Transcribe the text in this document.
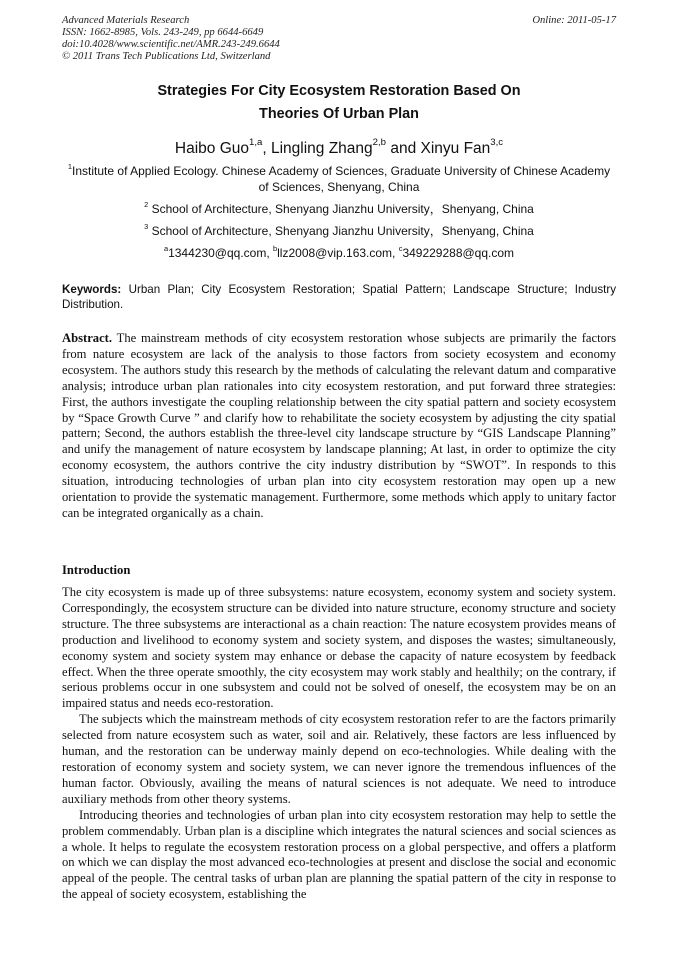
Advanced Materials Research
ISSN: 1662-8985, Vols. 243-249, pp 6644-6649
doi:10.4028/www.scientific.net/AMR.243-249.6644
© 2011 Trans Tech Publications Ltd, Switzerland
Online: 2011-05-17
Strategies For City Ecosystem Restoration Based On
Theories Of Urban Plan
Haibo Guo$^{1,a}$, Lingling Zhang$^{2,b}$ and Xinyu Fan$^{3,c}$
$^1$Institute of Applied Ecology. Chinese Academy of Sciences, Graduate University of Chinese Academy of Sciences, Shenyang, China
$^2$ School of Architecture, Shenyang Jianzhu University，Shenyang, China
$^3$ School of Architecture, Shenyang Jianzhu University，Shenyang, China
$^a$1344230@qq.com, $^b$llz2008@vip.163.com, $^c$349229288@qq.com
Keywords: Urban Plan; City Ecosystem Restoration; Spatial Pattern; Landscape Structure; Industry Distribution.
Abstract. The mainstream methods of city ecosystem restoration whose subjects are primarily the factors from nature ecosystem are lack of the analysis to those factors from society ecosystem and economy ecosystem. The authors study this research by the methods of calculating the relevant datum and comparative analysis; introduce urban plan rationales into city ecosystem restoration, and put forward three strategies: First, the authors investigate the coupling relationship between the city spatial pattern and society ecosystem by “Space Growth Curve ” and clarify how to rehabilitate the society ecosystem by adjusting the city spatial pattern; Second, the authors establish the three-level city landscape structure by “GIS Landscape Planning” and unify the management of nature ecosystem by landscape planning; At last, in order to optimize the city economy ecosystem, the authors contrive the city industry distribution by “SWOT”. In responds to this situation, introducing technologies of urban plan into city ecosystem restoration may open up a new orientation to provide the systematic management. Furthermore, some methods which apply to unitary factor can be integrated organically as a chain.
Introduction

The city ecosystem is made up of three subsystems: nature ecosystem, economy system and society system. Correspondingly, the ecosystem structure can be divided into nature structure, economy structure and society structure. The three subsystems are interactional as a chain reaction: The nature ecosystem provides means of production and livelihood to economy system and society system, and disposes the wastes; simultaneously, economy system and society system may enhance or debase the capacity of nature ecosystem by feedback effect. When the three operate smoothly, the city ecosystem may work stably and healthily; on the contrary, if serious problems occur in one subsystem and could not be solved of oneself, the ecosystem may be on an impaired status and needs eco-restoration.

The subjects which the mainstream methods of city ecosystem restoration refer to are the factors primarily selected from nature ecosystem such as water, soil and air. Relatively, these factors are less influenced by human, and the restoration can be underway mainly depend on eco-technologies. While dealing with the restoration of economy system and society system, we can never ignore the tremendous influences of the human factor. Obviously, availing the means of natural sciences is not adequate. We need to introduce auxiliary methods from other theory systems.

Introducing theories and technologies of urban plan into city ecosystem restoration may help to settle the problem commendably. Urban plan is a discipline which integrates the natural sciences and social sciences as a whole. It helps to regulate the ecosystem restoration process on a global perspective, and offers a platform on which we can display the most advanced eco-technologies at present and disclose the social and economic appeal of the people. The central tasks of urban plan are planning the spatial pattern of the city in response to the appeal of society ecosystem, establishing the
